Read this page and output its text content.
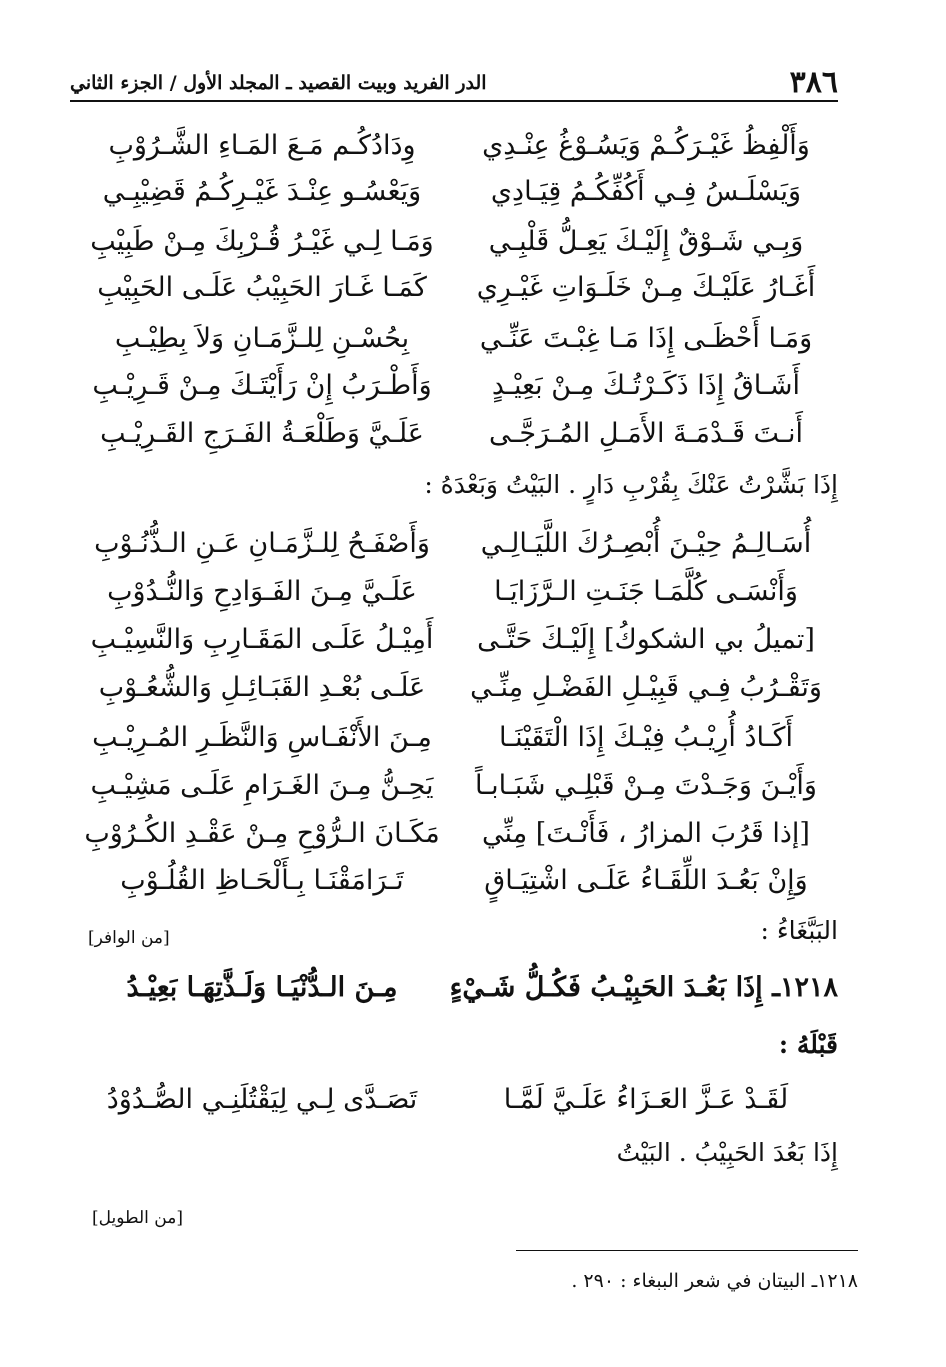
٣٨٦
الدر الفريد وبيت القصيد ـ المجلد الأول / الجزء الثاني
وَأَلْفِظُ غَيْـرَكُـمْ وَيَسُـوْغُ عِنْـدِي
وِدَادُكُـم مَـعَ المَـاءِ الشَّـرُوْبِ
وَيَسْلَـسُ فِـي أَكُفِّكُـمُ قِيَـادِي
وَيَعْسُـو عِنْـدَ غَيْـرِكُـمُ قَضِيْبِـي
وَبِـي شَـوْقٌ إِلَيْـكَ يَعِـلُّ قَلْبِـي
وَمَـا لِـي غَيْـرُ قُـرْبِكَ مِـنْ طَبِيْبِ
أَغَـارُ عَلَيْـكَ مِـنْ خَلَـوَاتِ غَيْـرِي
كَمَـا غَـارَ الحَبِيْبُ عَلَـى الحَبِيْبِ
وَمَـا أَحْظَـى إِذَا مَـا غِبْـتَ عَنِّـي
بِحُسْـنِ لِلـزَّمَـانِ وَلاَ بِطِيْـبِ
أَشَـاقُ إِذَا ذَكَـرْتُـكَ مِـنْ بَعِيْـدٍ
وَأَطْـرَبُ إِنْ رَأَيْتَـكَ مِـنْ قَـرِيْـبِ
أَنـتَ قَـدْمَـةَ الأَمَـلِ المُـرَجَّـى
عَلَـيَّ وَطَلْعَـةُ الفَـرَجِ القَـرِيْـبِ
إِذَا بَشَّرْتُ عَنْكَ بِقُرْبِ دَارٍ . البَيْتُ وَبَعْدَهُ :
أُسَـالِـمُ حِيْـنَ أُبْصِـرُكَ اللَّيَـالِـي
وَأَصْفَـحُ لِلـزَّمَـانِ عَـنِ الـذُّنُـوْبِ
وَأَنْسَـى كُلَّمَـا جَنَـتِ الـرَّزَايَـا
عَلَـيَّ مِـنَ الفَـوَادِحِ وَالنُّـدُوْبِ
[تميلُ بي الشكوكُ] إِلَيْـكَ حَتَّـى
أَمِيْـلُ عَلَـى المَقَـارِبِ وَالنَّسِيْـبِ
وَتَقْـرُبُ فِـي قَبِيْـلِ الفَضْـلِ مِنِّـي
عَلَـى بُعْـدِ القَبَـائِـلِ وَالشُّعُـوْبِ
أَكَـادُ أُرِيْـبُ فِيْـكَ إِذَا الْتَقَيْنَـا
مِـنَ الأَنْفَـاسِ وَالنَّظَـرِ المُـرِيْـبِ
وَأَيْـنَ وَجَـدْتَ مِـنْ قَبْلِـي شَبَـابـاً
يَحِـنُّ مِـنَ الغَـرَامِ عَلَـى مَشِيْـبِ
[إذا قَرُبَ المزارُ ، فَأَنْـتَ] مِنِّي
مَكَـانَ الـرُّوْحِ مِـنْ عَقْـدِ الكُـرُوْبِ
وَإِنْ بَعُـدَ اللِّقَـاءُ عَلَـى اشْتِيَـاقٍ
تَـرَامَقْنَـا بِـأَلْحَـاظِ القُلُـوْبِ
البَبَّغَاءُ :
[من الوافر]
١٢١٨ـ إِذَا بَعُـدَ الحَبِيْـبُ فَكُـلُّ شَـيْءٍ
مِـنَ الـدُّنْيَـا وَلَـذَّتِهَـا بَعِيْـدُ
قَبْلَهُ :
لَقَـدْ عَـزَّ العَـزَاءُ عَلَـيَّ لَمَّـا
تَصَـدَّى لِـي لِيَقْتُلَنِـي الصُّـدُوْدُ
إِذَا بَعُدَ الحَبِيْبُ . البَيْتُ
[من الطويل]
١٢١٨ـ البيتان في شعر الببغاء : ٢٩٠ .
